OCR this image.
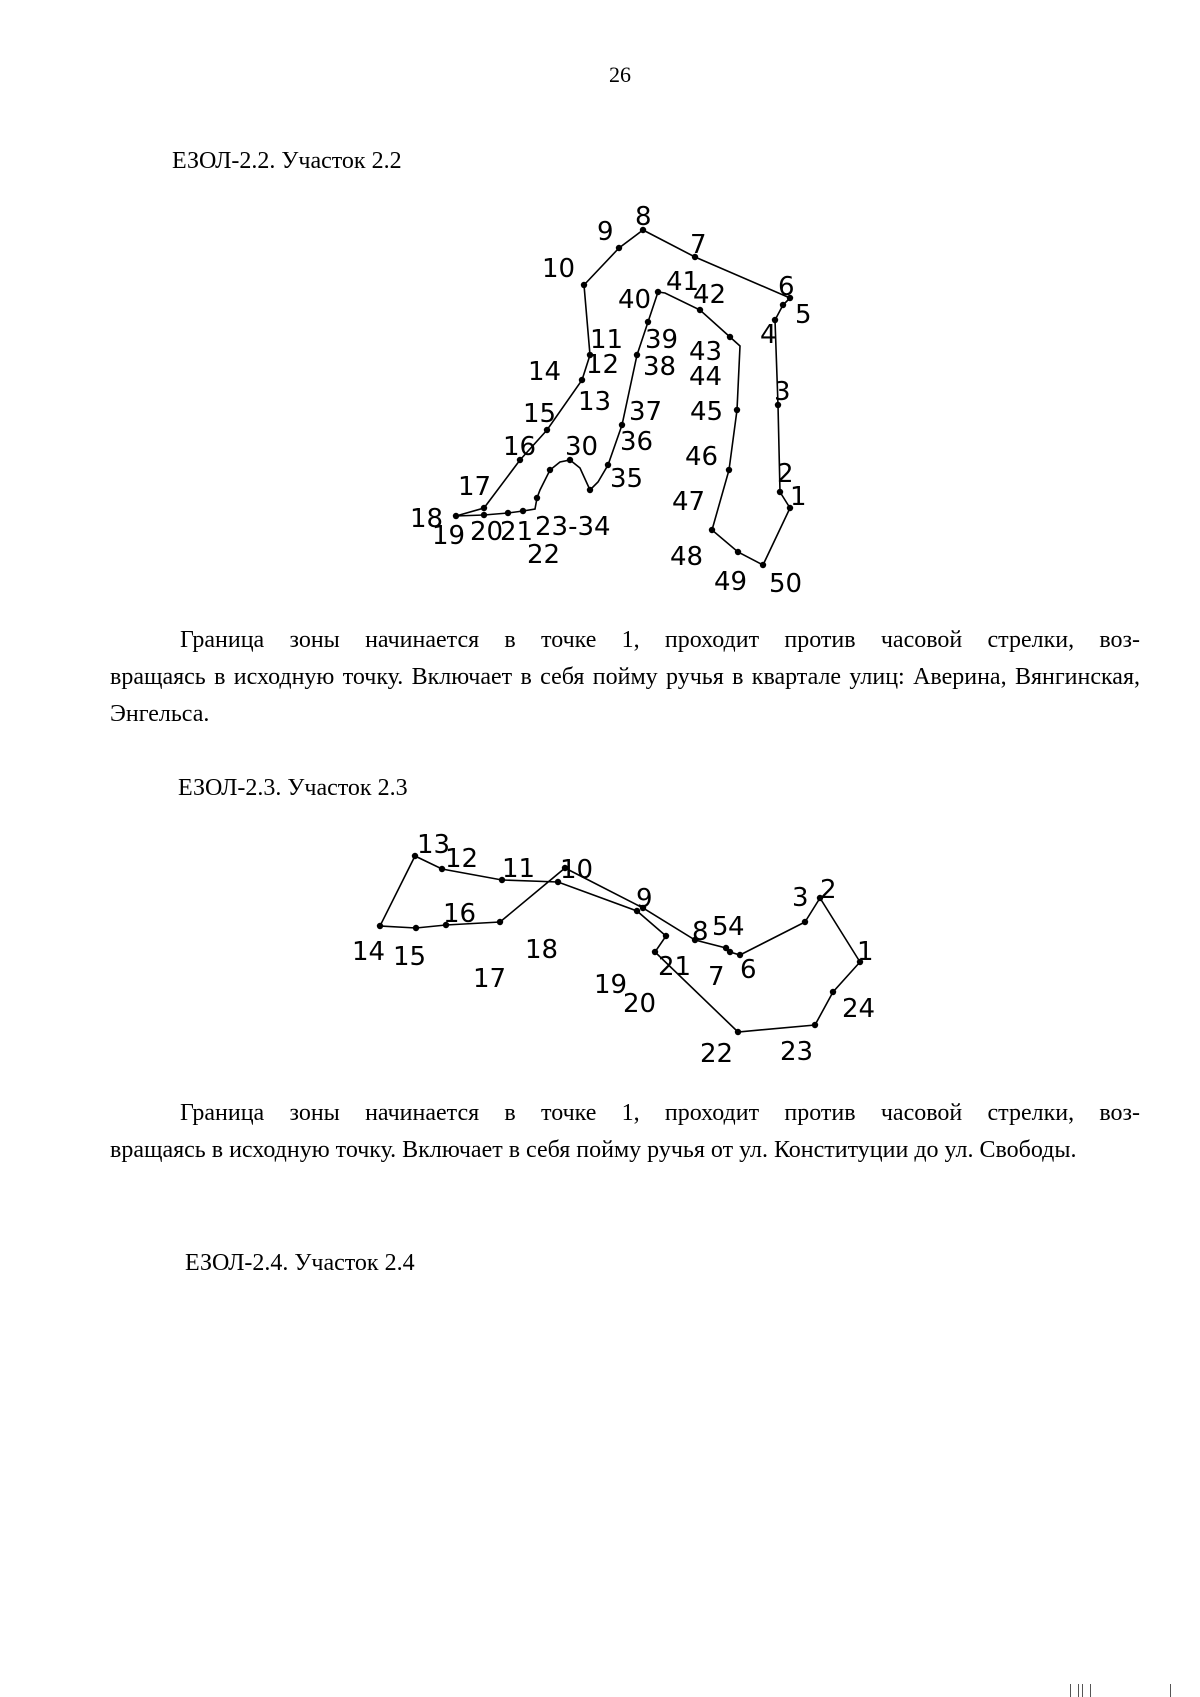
26
ЕЗОЛ-2.2. Участок 2.2
1
2
3
4
5
6
7
8
9
10
11
12
13
14
15
16
17
18
19 20
21
22
23-34
30
35
36
37
38
39
40
41
42
43
44
45
46
47
48
49 50
Граница зоны начинается в точке 1, проходит против часовой стрелки, воз-
вращаясь в исходную точку. Включает в себя пойму ручья в квартале улиц: Аверина, Вянгинская, Энгельса.
ЕЗОЛ-2.3. Участок 2.3
1
2
3
4
5
6
7
8
9
10
11
12
13
14 15
16
17
18
19
20
21
22 23
24
Граница зоны начинается в точке 1, проходит против часовой стрелки, воз-
вращаясь в исходную точку. Включает в себя пойму ручья от ул. Конституции до ул. Свободы.
ЕЗОЛ-2.4. Участок 2.4
